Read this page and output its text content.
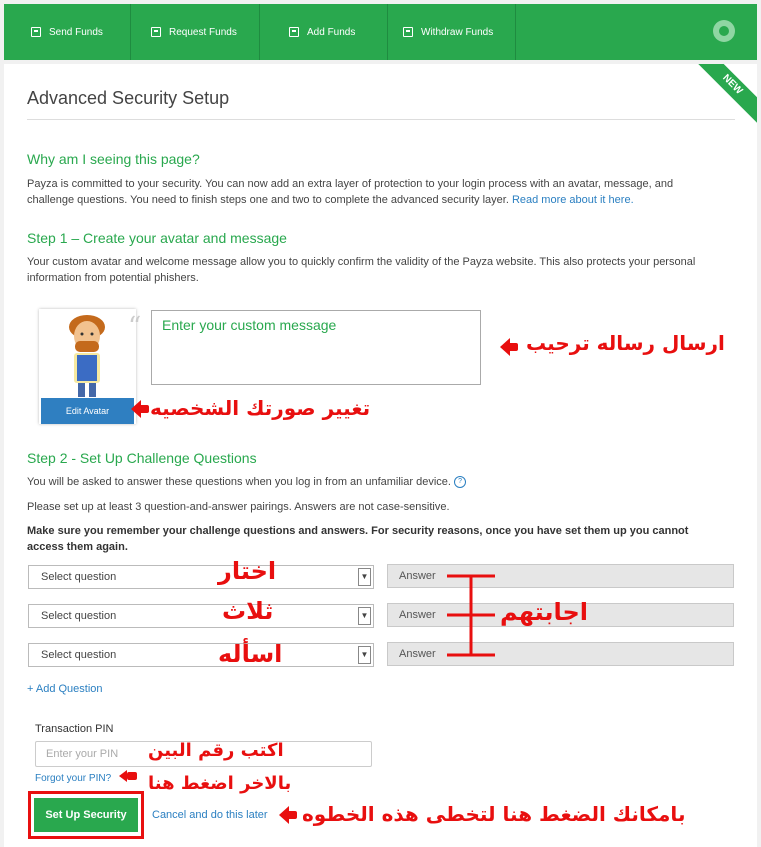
Send Funds	Request Funds	Add Funds	Withdraw Funds
NEW
Advanced Security Setup
Why am I seeing this page?
Payza is committed to your security. You can now add an extra layer of protection to your login process with an avatar, message, and challenge questions. You need to finish steps one and two to complete the advanced security layer. Read more about it here.
Step 1 – Create your avatar and message
Your custom avatar and welcome message allow you to quickly confirm the validity of the Payza website. This also protects your personal information from potential phishers.
Edit Avatar
“	Enter your custom message
Step 2 - Set Up Challenge Questions
You will be asked to answer these questions when you log in from an unfamiliar device. ?
Please set up at least 3 question-and-answer pairings. Answers are not case-sensitive.
Make sure you remember your challenge questions and answers. For security reasons, once you have set them up you cannot access them again.
Select question	▼	Answer
Select question	▼	Answer
Select question	▼	Answer
+ Add Question
Transaction PIN
Enter your PIN
Forgot your PIN?
Set Up Security	Cancel and do this later
ارسال رساله ترحيب
تغيير صورتك الشخصيه
اختار
ثلاث
اسأله
اجابتهم
اكتب رقم البين
بالاخر اضغط هنا
بامكانك الضغط هنا لتخطى هذه الخطوه
